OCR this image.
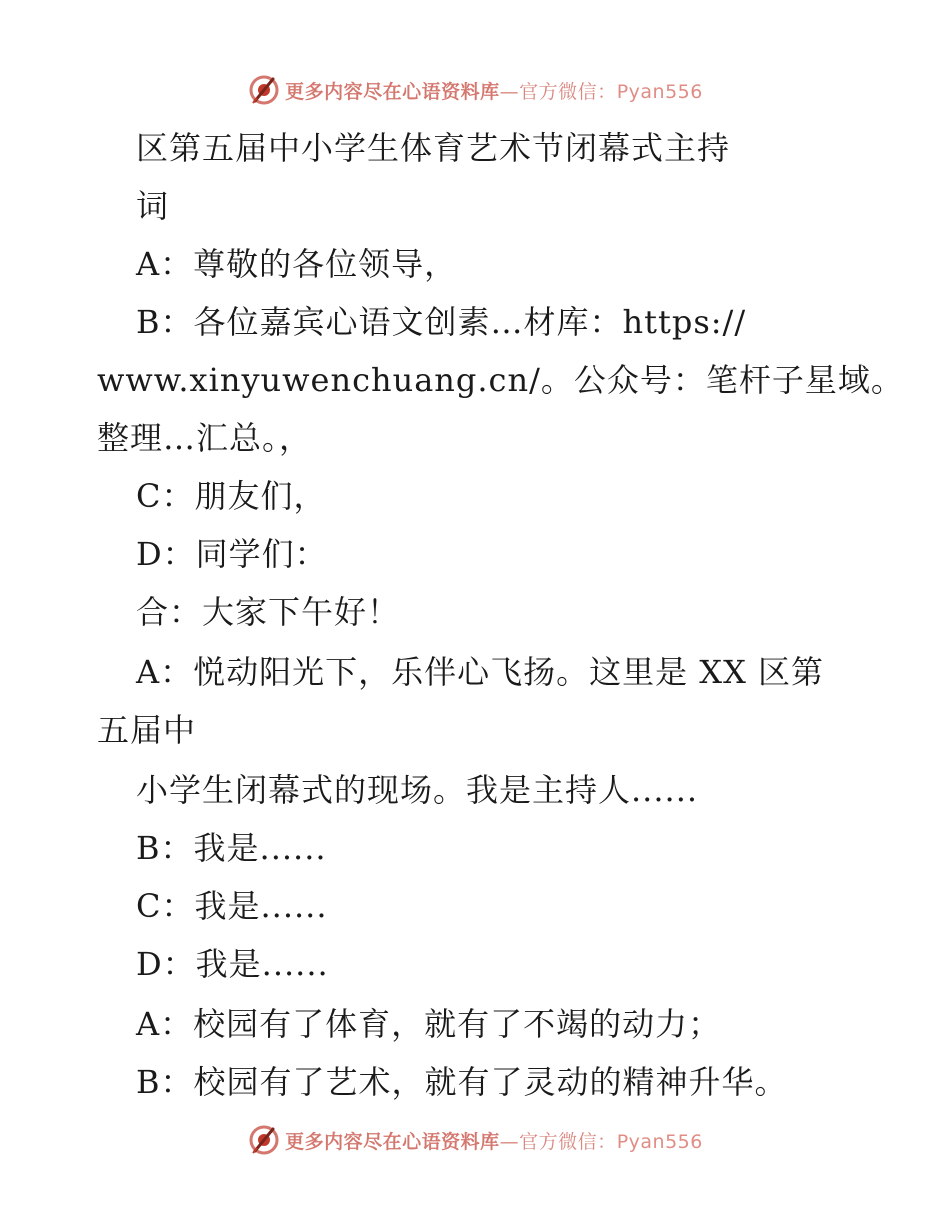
更多内容尽在心语资料库—官方微信：Pyan556
区第五届中小学生体育艺术节闭幕式主持
词
A：尊敬的各位领导，
B：各位嘉宾心语文创素…材库：https://
www.xinyuwenchuang.cn/。公众号：笔杆子星域。
整理…汇总。，
C：朋友们，
D：同学们：
合：大家下午好！
A：悦动阳光下，乐伴心飞扬。这里是 XX 区第
五届中
小学生闭幕式的现场。我是主持人......
B：我是......
C：我是......
D：我是......
A：校园有了体育，就有了不竭的动力；
B：校园有了艺术，就有了灵动的精神升华。
更多内容尽在心语资料库—官方微信：Pyan556
